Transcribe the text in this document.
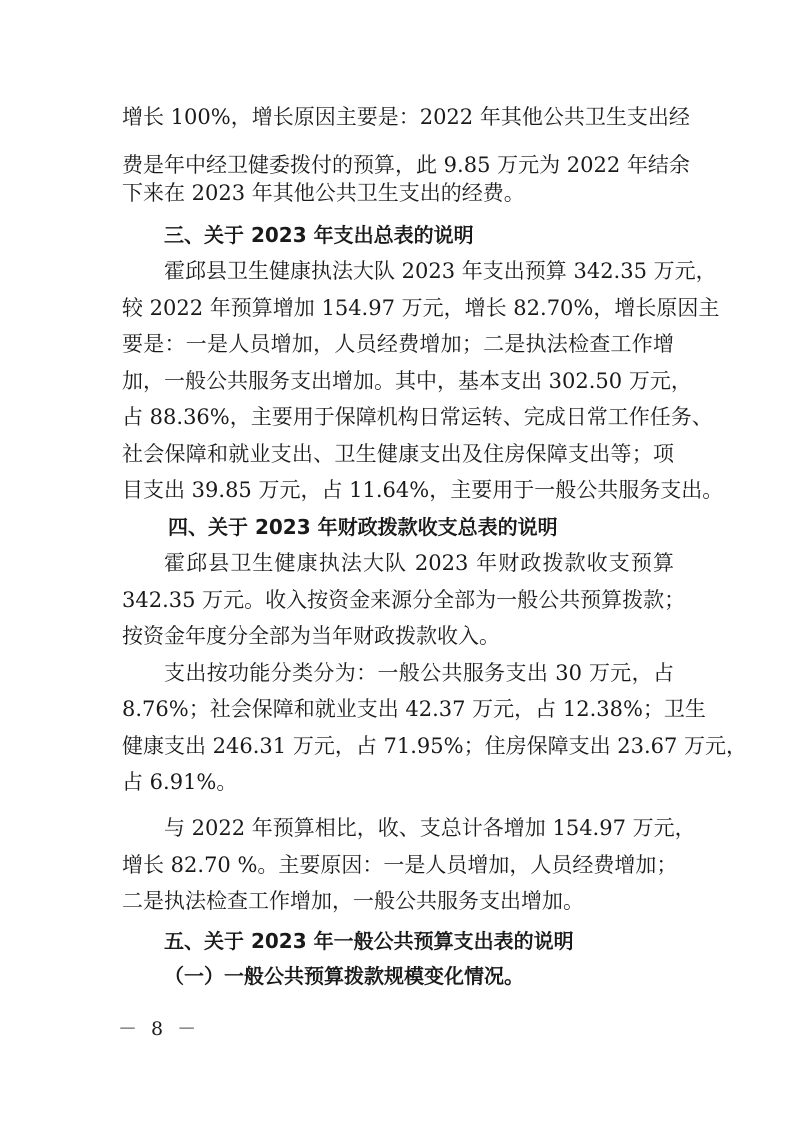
增长 100%，增长原因主要是：2022 年其他公共卫生支出经
费是年中经卫健委拨付的预算，此 9.85 万元为 2022 年结余
下来在 2023 年其他公共卫生支出的经费。
三、关于 2023 年支出总表的说明
霍邱县卫生健康执法大队 2023 年支出预算 342.35 万元，
较 2022 年预算增加 154.97 万元，增长 82.70%，增长原因主
要是：一是人员增加，人员经费增加；二是执法检查工作增
加，一般公共服务支出增加。其中，基本支出 302.50 万元，
占 88.36%，主要用于保障机构日常运转、完成日常工作任务、
社会保障和就业支出、卫生健康支出及住房保障支出等；项
目支出 39.85 万元，占 11.64%，主要用于一般公共服务支出。
四、关于 2023 年财政拨款收支总表的说明
霍邱县卫生健康执法大队 2023 年财政拨款收支预算
342.35 万元。收入按资金来源分全部为一般公共预算拨款；
按资金年度分全部为当年财政拨款收入。
支出按功能分类分为：一般公共服务支出 30 万元，占
8.76%；社会保障和就业支出 42.37 万元，占 12.38%；卫生
健康支出 246.31 万元，占 71.95%；住房保障支出 23.67 万元，
占 6.91%。
与 2022 年预算相比，收、支总计各增加 154.97 万元，
增长 82.70 %。主要原因：一是人员增加，人员经费增加；
二是执法检查工作增加，一般公共服务支出增加。
五、关于 2023 年一般公共预算支出表的说明
（一）一般公共预算拨款规模变化情况。
－ 8 －
